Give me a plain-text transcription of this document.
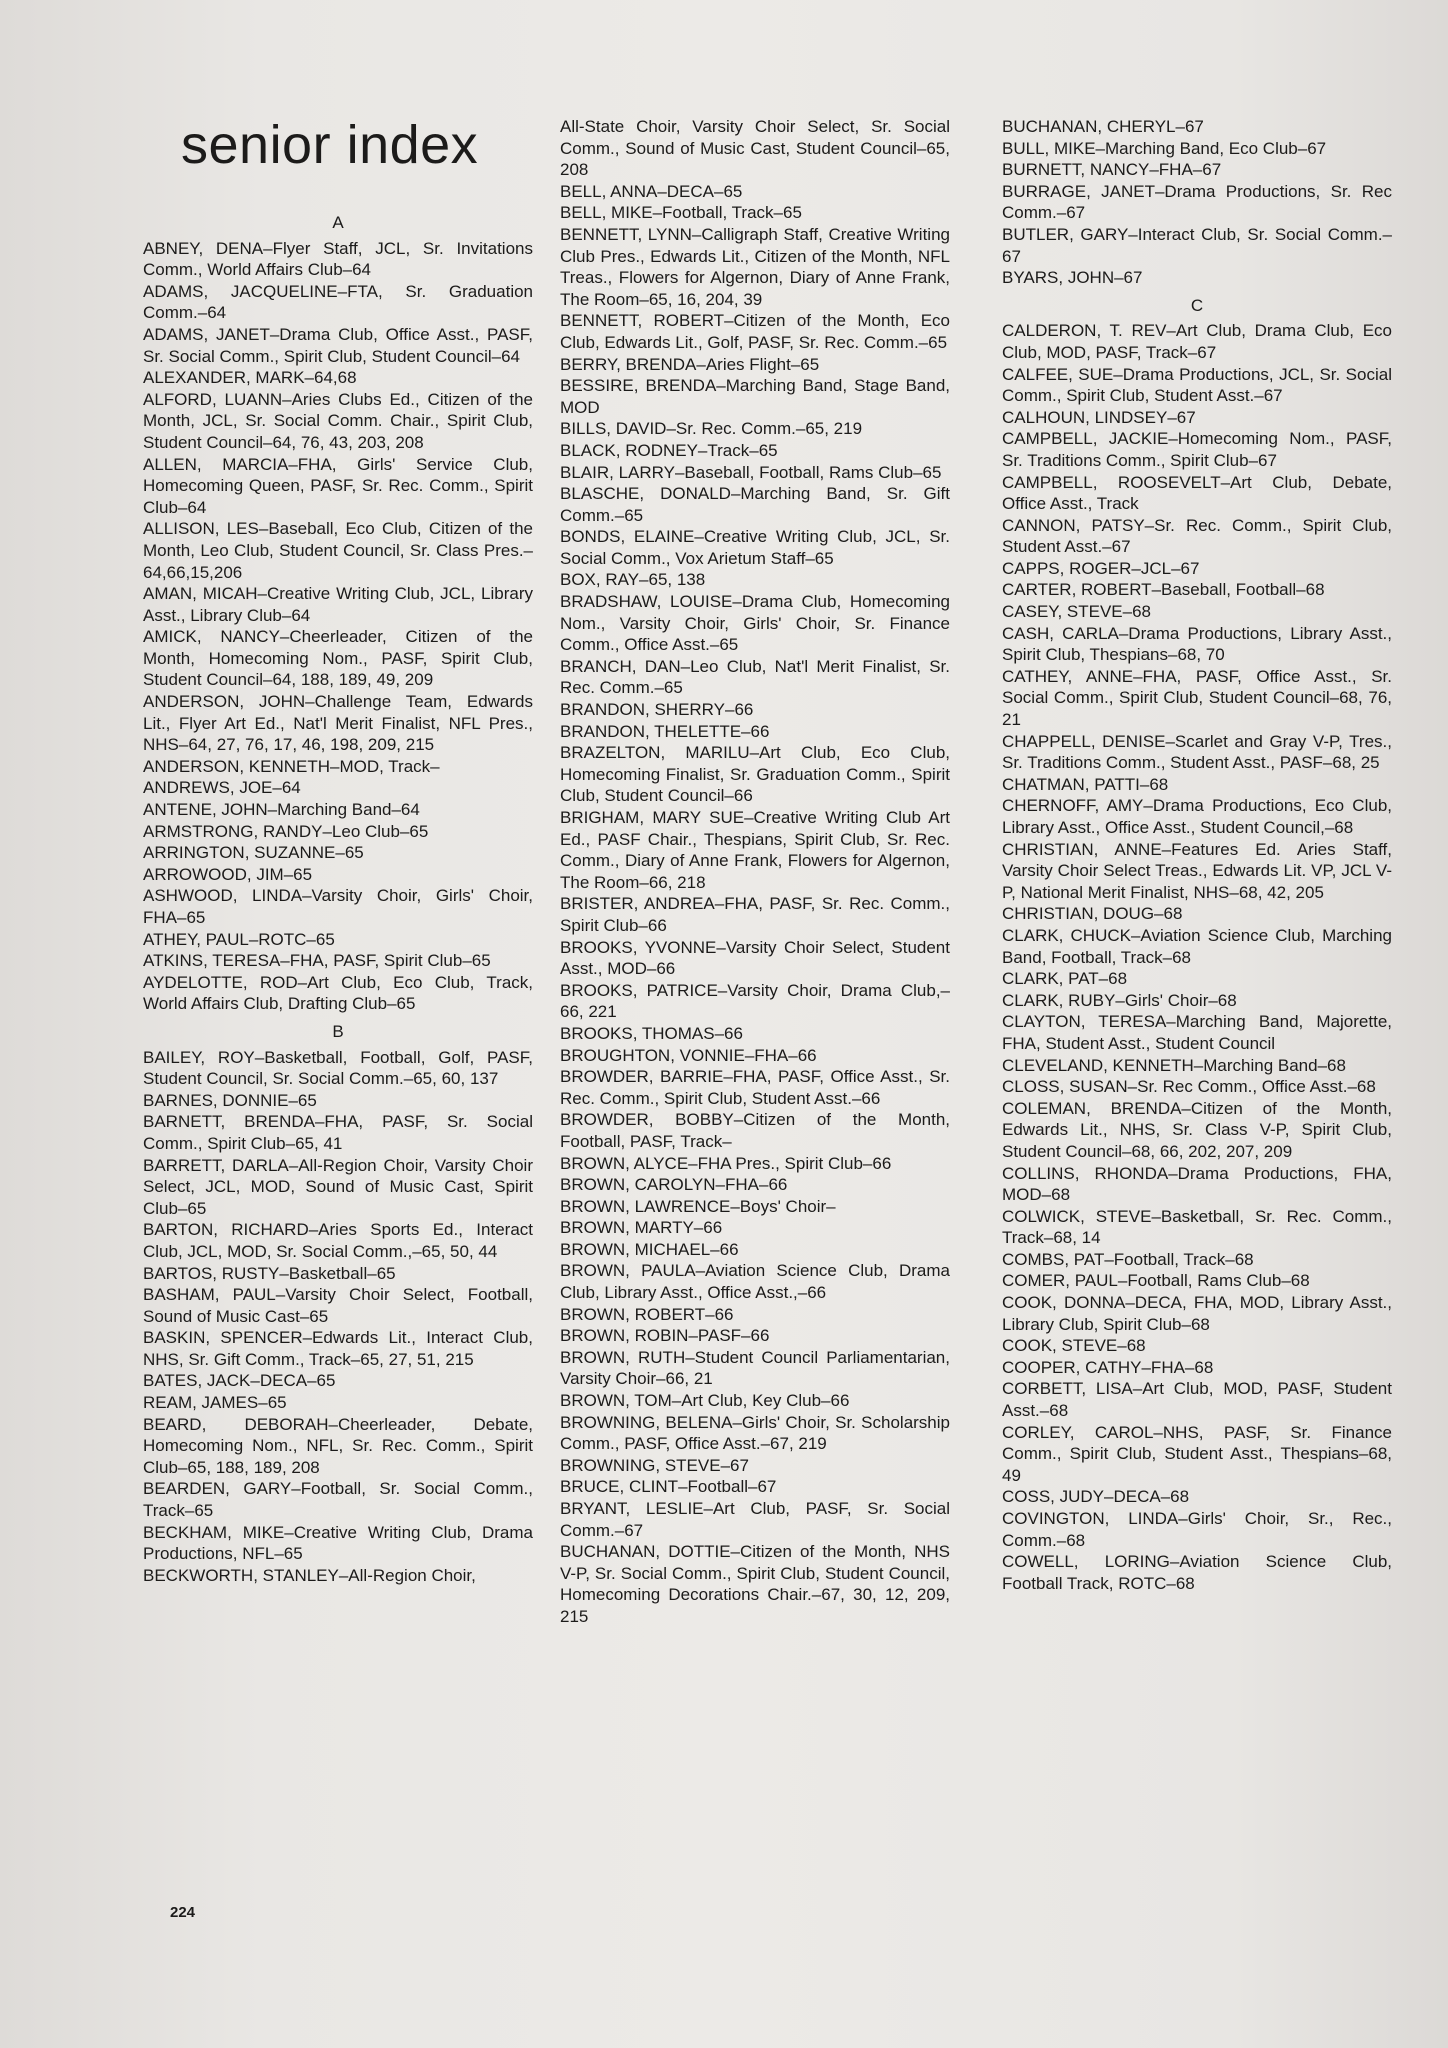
senior index
A
ABNEY, DENA–Flyer Staff, JCL, Sr. Invitations Comm., World Affairs Club–64
ADAMS, JACQUELINE–FTA, Sr. Graduation Comm.–64
ADAMS, JANET–Drama Club, Office Asst., PASF, Sr. Social Comm., Spirit Club, Student Council–64
ALEXANDER, MARK–64,68
ALFORD, LUANN–Aries Clubs Ed., Citizen of the Month, JCL, Sr. Social Comm. Chair., Spirit Club, Student Council–64, 76, 43, 203, 208
ALLEN, MARCIA–FHA, Girls' Service Club, Homecoming Queen, PASF, Sr. Rec. Comm., Spirit Club–64
ALLISON, LES–Baseball, Eco Club, Citizen of the Month, Leo Club, Student Council, Sr. Class Pres.–64,66,15,206
AMAN, MICAH–Creative Writing Club, JCL, Library Asst., Library Club–64
AMICK, NANCY–Cheerleader, Citizen of the Month, Homecoming Nom., PASF, Spirit Club, Student Council–64, 188, 189, 49, 209
ANDERSON, JOHN–Challenge Team, Edwards Lit., Flyer Art Ed., Nat'l Merit Finalist, NFL Pres., NHS–64, 27, 76, 17, 46, 198, 209, 215
ANDERSON, KENNETH–MOD, Track–
ANDREWS, JOE–64
ANTENE, JOHN–Marching Band–64
ARMSTRONG, RANDY–Leo Club–65
ARRINGTON, SUZANNE–65
ARROWOOD, JIM–65
ASHWOOD, LINDA–Varsity Choir, Girls' Choir, FHA–65
ATHEY, PAUL–ROTC–65
ATKINS, TERESA–FHA, PASF, Spirit Club–65
AYDELOTTE, ROD–Art Club, Eco Club, Track, World Affairs Club, Drafting Club–65
B
BAILEY, ROY–Basketball, Football, Golf, PASF, Student Council, Sr. Social Comm.–65, 60, 137
BARNES, DONNIE–65
BARNETT, BRENDA–FHA, PASF, Sr. Social Comm., Spirit Club–65, 41
BARRETT, DARLA–All-Region Choir, Varsity Choir Select, JCL, MOD, Sound of Music Cast, Spirit Club–65
BARTON, RICHARD–Aries Sports Ed., Interact Club, JCL, MOD, Sr. Social Comm.,–65, 50, 44
BARTOS, RUSTY–Basketball–65
BASHAM, PAUL–Varsity Choir Select, Football, Sound of Music Cast–65
BASKIN, SPENCER–Edwards Lit., Interact Club, NHS, Sr. Gift Comm., Track–65, 27, 51, 215
BATES, JACK–DECA–65
REAM, JAMES–65
BEARD, DEBORAH–Cheerleader, Debate, Homecoming Nom., NFL, Sr. Rec. Comm., Spirit Club–65, 188, 189, 208
BEARDEN, GARY–Football, Sr. Social Comm., Track–65
BECKHAM, MIKE–Creative Writing Club, Drama Productions, NFL–65
BECKWORTH, STANLEY–All-Region Choir,
All-State Choir, Varsity Choir Select, Sr. Social Comm., Sound of Music Cast, Student Council–65, 208
BELL, ANNA–DECA–65
BELL, MIKE–Football, Track–65
BENNETT, LYNN–Calligraph Staff, Creative Writing Club Pres., Edwards Lit., Citizen of the Month, NFL Treas., Flowers for Algernon, Diary of Anne Frank, The Room–65, 16, 204, 39
BENNETT, ROBERT–Citizen of the Month, Eco Club, Edwards Lit., Golf, PASF, Sr. Rec. Comm.–65
BERRY, BRENDA–Aries Flight–65
BESSIRE, BRENDA–Marching Band, Stage Band, MOD
BILLS, DAVID–Sr. Rec. Comm.–65, 219
BLACK, RODNEY–Track–65
BLAIR, LARRY–Baseball, Football, Rams Club–65
BLASCHE, DONALD–Marching Band, Sr. Gift Comm.–65
BONDS, ELAINE–Creative Writing Club, JCL, Sr. Social Comm., Vox Arietum Staff–65
BOX, RAY–65, 138
BRADSHAW, LOUISE–Drama Club, Homecoming Nom., Varsity Choir, Girls' Choir, Sr. Finance Comm., Office Asst.–65
BRANCH, DAN–Leo Club, Nat'l Merit Finalist, Sr. Rec. Comm.–65
BRANDON, SHERRY–66
BRANDON, THELETTE–66
BRAZELTON, MARILU–Art Club, Eco Club, Homecoming Finalist, Sr. Graduation Comm., Spirit Club, Student Council–66
BRIGHAM, MARY SUE–Creative Writing Club Art Ed., PASF Chair., Thespians, Spirit Club, Sr. Rec. Comm., Diary of Anne Frank, Flowers for Algernon, The Room–66, 218
BRISTER, ANDREA–FHA, PASF, Sr. Rec. Comm., Spirit Club–66
BROOKS, YVONNE–Varsity Choir Select, Student Asst., MOD–66
BROOKS, PATRICE–Varsity Choir, Drama Club,–66, 221
BROOKS, THOMAS–66
BROUGHTON, VONNIE–FHA–66
BROWDER, BARRIE–FHA, PASF, Office Asst., Sr. Rec. Comm., Spirit Club, Student Asst.–66
BROWDER, BOBBY–Citizen of the Month, Football, PASF, Track–
BROWN, ALYCE–FHA Pres., Spirit Club–66
BROWN, CAROLYN–FHA–66
BROWN, LAWRENCE–Boys' Choir–
BROWN, MARTY–66
BROWN, MICHAEL–66
BROWN, PAULA–Aviation Science Club, Drama Club, Library Asst., Office Asst.,–66
BROWN, ROBERT–66
BROWN, ROBIN–PASF–66
BROWN, RUTH–Student Council Parliamentarian, Varsity Choir–66, 21
BROWN, TOM–Art Club, Key Club–66
BROWNING, BELENA–Girls' Choir, Sr. Scholarship Comm., PASF, Office Asst.–67, 219
BROWNING, STEVE–67
BRUCE, CLINT–Football–67
BRYANT, LESLIE–Art Club, PASF, Sr. Social Comm.–67
BUCHANAN, DOTTIE–Citizen of the Month, NHS V-P, Sr. Social Comm., Spirit Club, Student Council, Homecoming Decorations Chair.–67, 30, 12, 209, 215
BUCHANAN, CHERYL–67
BULL, MIKE–Marching Band, Eco Club–67
BURNETT, NANCY–FHA–67
BURRAGE, JANET–Drama Productions, Sr. Rec Comm.–67
BUTLER, GARY–Interact Club, Sr. Social Comm.–67
BYARS, JOHN–67
C
CALDERON, T. REV–Art Club, Drama Club, Eco Club, MOD, PASF, Track–67
CALFEE, SUE–Drama Productions, JCL, Sr. Social Comm., Spirit Club, Student Asst.–67
CALHOUN, LINDSEY–67
CAMPBELL, JACKIE–Homecoming Nom., PASF, Sr. Traditions Comm., Spirit Club–67
CAMPBELL, ROOSEVELT–Art Club, Debate, Office Asst., Track
CANNON, PATSY–Sr. Rec. Comm., Spirit Club, Student Asst.–67
CAPPS, ROGER–JCL–67
CARTER, ROBERT–Baseball, Football–68
CASEY, STEVE–68
CASH, CARLA–Drama Productions, Library Asst., Spirit Club, Thespians–68, 70
CATHEY, ANNE–FHA, PASF, Office Asst., Sr. Social Comm., Spirit Club, Student Council–68, 76, 21
CHAPPELL, DENISE–Scarlet and Gray V-P, Tres., Sr. Traditions Comm., Student Asst., PASF–68, 25
CHATMAN, PATTI–68
CHERNOFF, AMY–Drama Productions, Eco Club, Library Asst., Office Asst., Student Council,–68
CHRISTIAN, ANNE–Features Ed. Aries Staff, Varsity Choir Select Treas., Edwards Lit. VP, JCL V-P, National Merit Finalist, NHS–68, 42, 205
CHRISTIAN, DOUG–68
CLARK, CHUCK–Aviation Science Club, Marching Band, Football, Track–68
CLARK, PAT–68
CLARK, RUBY–Girls' Choir–68
CLAYTON, TERESA–Marching Band, Majorette, FHA, Student Asst., Student Council
CLEVELAND, KENNETH–Marching Band–68
CLOSS, SUSAN–Sr. Rec Comm., Office Asst.–68
COLEMAN, BRENDA–Citizen of the Month, Edwards Lit., NHS, Sr. Class V-P, Spirit Club, Student Council–68, 66, 202, 207, 209
COLLINS, RHONDA–Drama Productions, FHA, MOD–68
COLWICK, STEVE–Basketball, Sr. Rec. Comm., Track–68, 14
COMBS, PAT–Football, Track–68
COMER, PAUL–Football, Rams Club–68
COOK, DONNA–DECA, FHA, MOD, Library Asst., Library Club, Spirit Club–68
COOK, STEVE–68
COOPER, CATHY–FHA–68
CORBETT, LISA–Art Club, MOD, PASF, Student Asst.–68
CORLEY, CAROL–NHS, PASF, Sr. Finance Comm., Spirit Club, Student Asst., Thespians–68, 49
COSS, JUDY–DECA–68
COVINGTON, LINDA–Girls' Choir, Sr., Rec., Comm.–68
COWELL, LORING–Aviation Science Club, Football Track, ROTC–68
224
